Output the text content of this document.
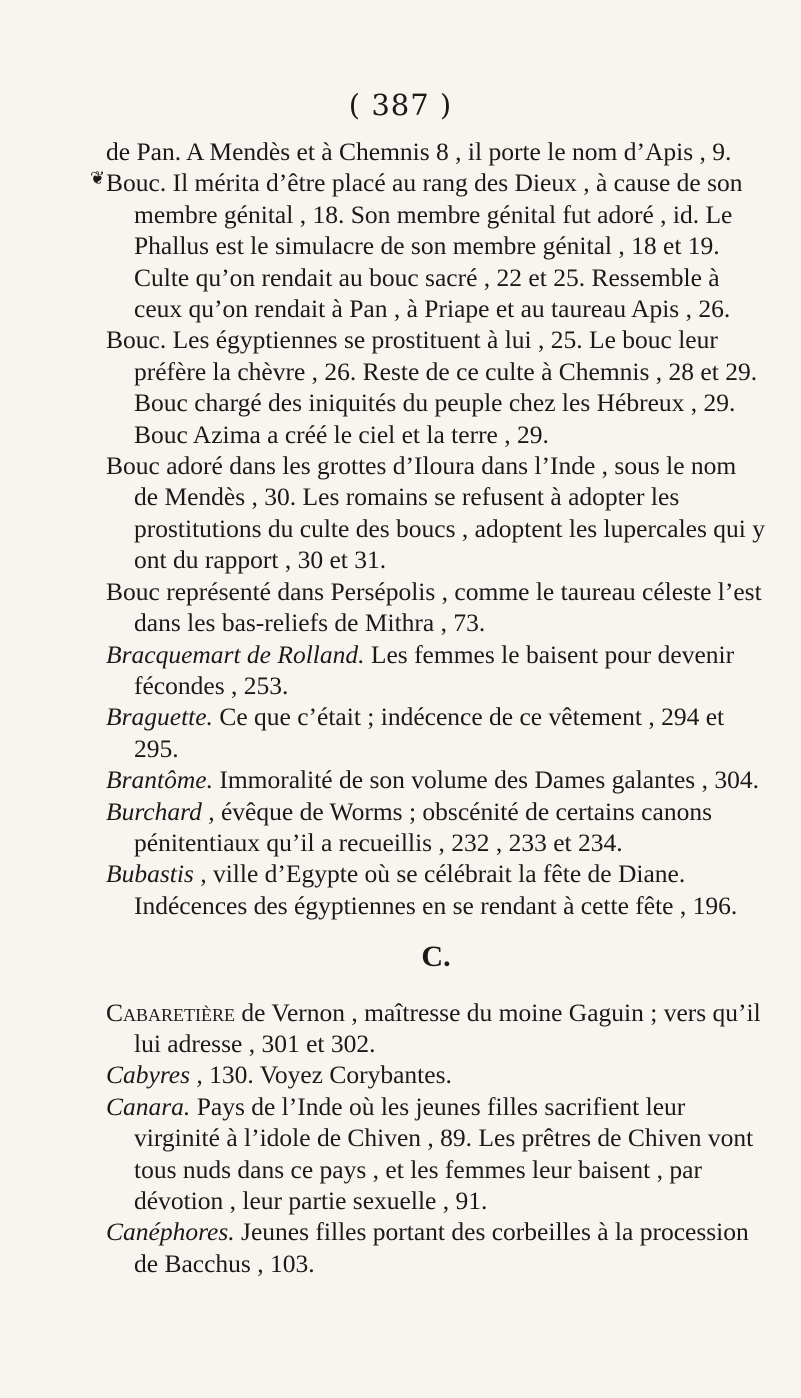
( 387 )
❦

de Pan. A Mendès et à Chemnis 8 , il porte le nom d’Apis , 9.

Bouc. Il mérita d’être placé au rang des Dieux , à cause de son membre génital , 18. Son membre génital fut adoré , id. Le Phallus est le simulacre de son membre génital , 18 et 19. Culte qu’on rendait au bouc sacré , 22 et 25. Ressemble à ceux qu’on rendait à Pan , à Priape et au taureau Apis , 26.

Bouc. Les égyptiennes se prostituent à lui , 25. Le bouc leur préfère la chèvre , 26. Reste de ce culte à Chemnis , 28 et 29. Bouc chargé des iniquités du peuple chez les Hébreux , 29. Bouc Azima a créé le ciel et la terre , 29.

Bouc adoré dans les grottes d’Iloura dans l’Inde , sous le nom de Mendès , 30. Les romains se refusent à adopter les prostitutions du culte des boucs , adoptent les lupercales qui y ont du rapport , 30 et 31.

Bouc représenté dans Persépolis , comme le taureau céleste l’est dans les bas-reliefs de Mithra , 73.

Bracquemart de Rolland. Les femmes le baisent pour devenir fécondes , 253.

Braguette. Ce que c’était ; indécence de ce vêtement , 294 et 295.

Brantôme. Immoralité de son volume des Dames galantes , 304.

Burchard , évêque de Worms ; obscénité de certains canons pénitentiaux qu’il a recueillis , 232 , 233 et 234.

Bubastis , ville d’Egypte où se célébrait la fête de Diane. Indécences des égyptiennes en se rendant à cette fête , 196.

C.

Cabaretière de Vernon , maîtresse du moine Gaguin ; vers qu’il lui adresse , 301 et 302.

Cabyres , 130. Voyez Corybantes.

Canara. Pays de l’Inde où les jeunes filles sacrifient leur virginité à l’idole de Chiven , 89. Les prêtres de Chiven vont tous nuds dans ce pays , et les femmes leur baisent , par dévotion , leur partie sexuelle , 91.

Canéphores. Jeunes filles portant des corbeilles à la procession de Bacchus , 103.
